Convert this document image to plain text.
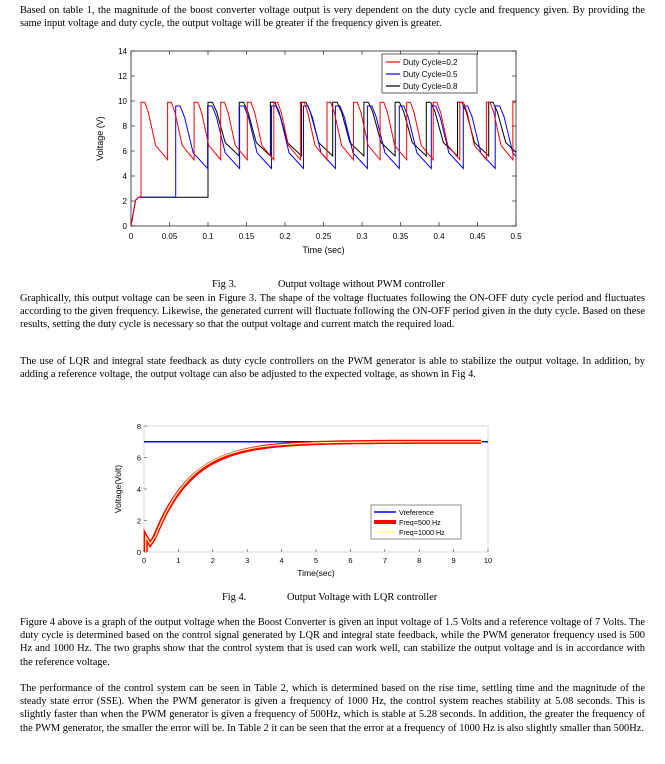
Based on table 1, the magnitude of the boost converter voltage output is very dependent on the duty cycle and frequency given. By providing the same input voltage and duty cycle, the output voltage will be greater if the frequency given is greater.

0	0.05	0.1	0.15	0.2	0.25	0.3	0.35	0.4	0.45	0.5
0
2
4
6
8
10
12
14
Time (sec)
Voltage (V)
Duty Cycle=0.2
Duty Cycle=0.5
Duty Cycle=0.8
Fig 3.	Output voltage without PWM controller

Graphically, this output voltage can be seen in Figure 3. The shape of the voltage fluctuates following the ON-OFF duty cycle period and fluctuates according to the given frequency. Likewise, the generated current will fluctuate following the ON-OFF period given in the duty cycle. Based on these results, setting the duty cycle is necessary so that the output voltage and current match the required load.

The use of LQR and integral state feedback as duty cycle controllers on the PWM generator is able to stabilize the output voltage. In addition, by adding a reference voltage, the output voltage can also be adjusted to the expected voltage, as shown in Fig 4.

0	1	2	3	4	5	6	7	8	9	10
0
2
4
6
8
Time(sec)
Voltage(Volt)	Vreference
Freq=500 Hz
Freq=1000 Hz
Fig 4.	Output Voltage with LQR controller

Figure 4 above is a graph of the output voltage when the Boost Converter is given an input voltage of 1.5 Volts and a reference voltage of 7 Volts. The duty cycle is determined based on the control signal generated by LQR and integral state feedback, while the PWM generator frequency used is 500 Hz and 1000 Hz. The two graphs show that the control system that is used can work well, can stabilize the output voltage and is in accordance with the reference voltage.

The performance of the control system can be seen in Table 2, which is determined based on the rise time, settling time and the magnitude of the steady state error (SSE). When the PWM generator is given a frequency of 1000 Hz, the control system reaches stability at 5.08 seconds. This is slightly faster than when the PWM generator is given a frequency of 500Hz, which is stable at 5.28 seconds. In addition, the greater the frequency of the PWM generator, the smaller the error will be. In Table 2 it can be seen that the error at a frequency of 1000 Hz is also slightly smaller than 500Hz.
